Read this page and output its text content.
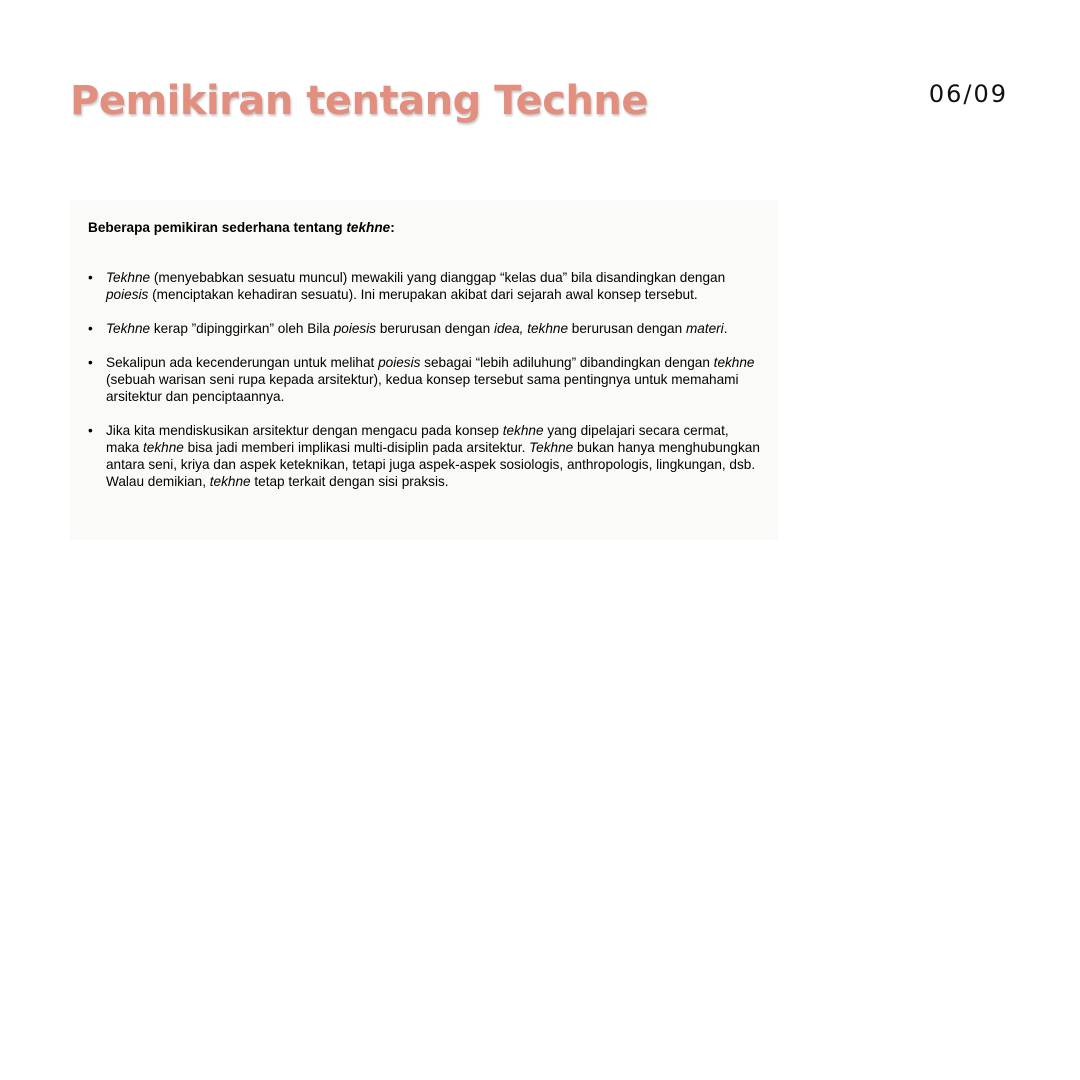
Pemikiran tentang Techne	06/09

Beberapa pemikiran sederhana tentang tekhne:

• Tekhne (menyebabkan sesuatu muncul) mewakili yang dianggap “kelas dua” bila disandingkan dengan poiesis (menciptakan kehadiran sesuatu). Ini merupakan akibat dari sejarah awal konsep tersebut.
• Tekhne kerap ”dipinggirkan” oleh Bila poiesis berurusan dengan idea, tekhne berurusan dengan materi.
• Sekalipun ada kecenderungan untuk melihat poiesis sebagai “lebih adiluhung” dibandingkan dengan tekhne (sebuah warisan seni rupa kepada arsitektur), kedua konsep tersebut sama pentingnya untuk memahami arsitektur dan penciptaannya.
• Jika kita mendiskusikan arsitektur dengan mengacu pada konsep tekhne yang dipelajari secara cermat, maka tekhne bisa jadi memberi implikasi multi-disiplin pada arsitektur. Tekhne bukan hanya menghubungkan antara seni, kriya dan aspek keteknikan, tetapi juga aspek-aspek sosiologis, anthropologis, lingkungan, dsb. Walau demikian, tekhne tetap terkait dengan sisi praksis.
